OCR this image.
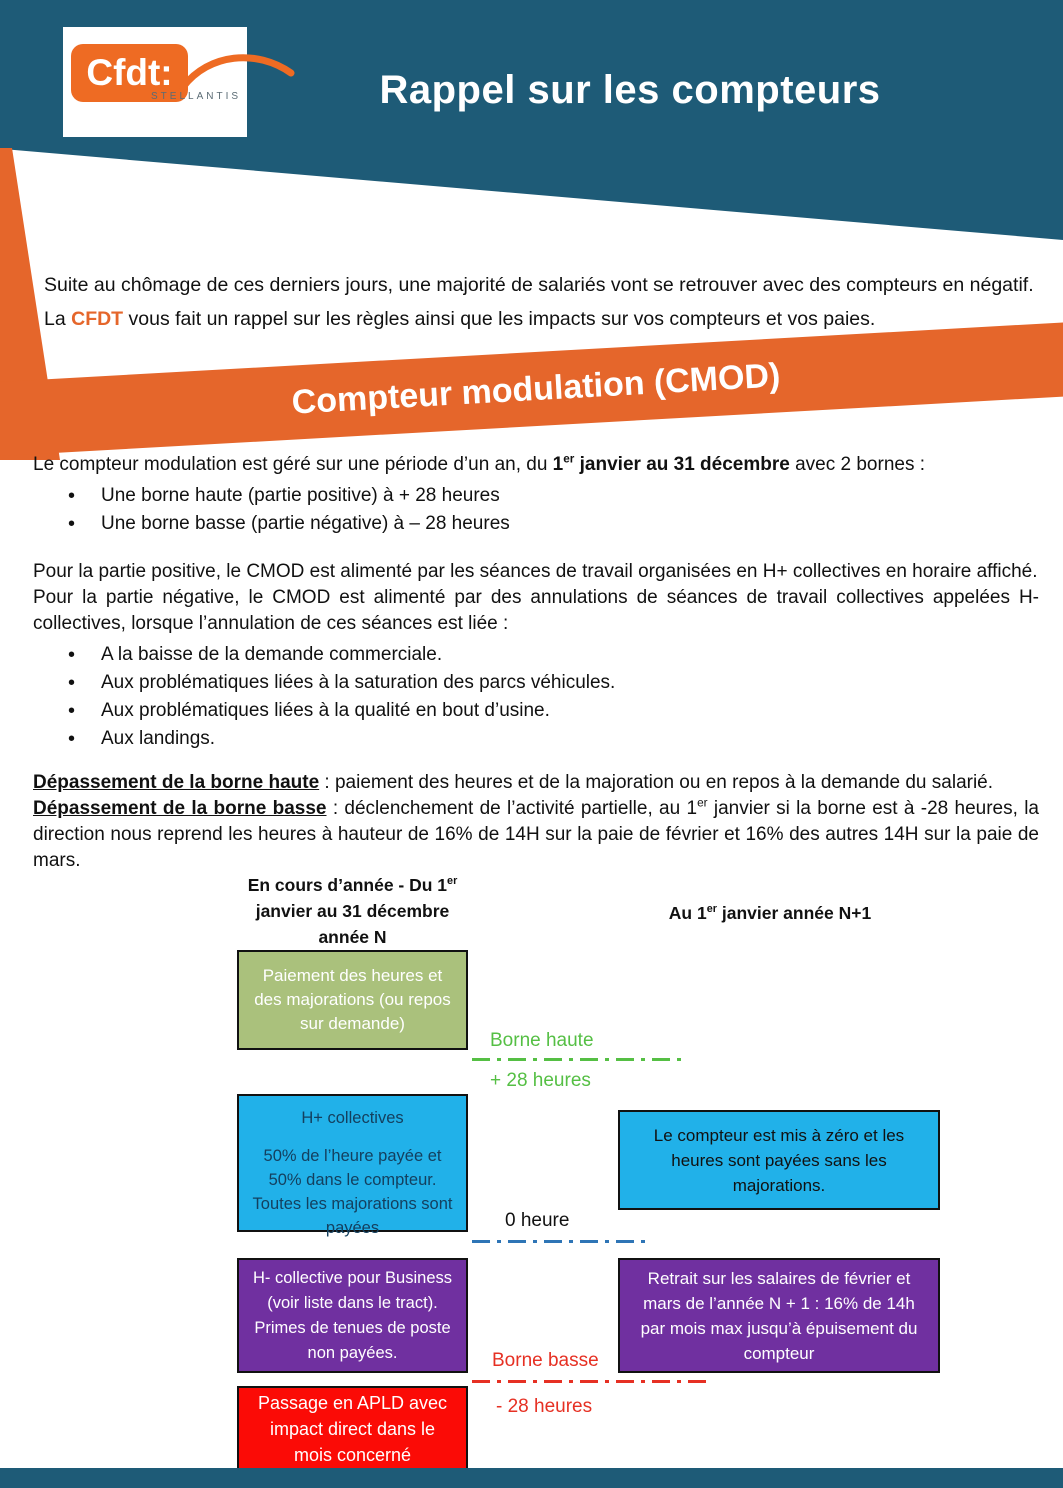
Rappel sur les compteurs
Cfdt:
STELLANTIS
Suite au chômage de ces derniers jours, une majorité de salariés vont se retrouver avec des compteurs en négatif.
La CFDT vous fait un rappel sur les règles ainsi que les impacts sur vos compteurs et vos paies.
Compteur modulation (CMOD)

Le compteur modulation est géré sur une période d’un an, du 1er janvier au 31 décembre avec 2 bornes :

• Une borne haute (partie positive) à + 28 heures
• Une borne basse (partie négative) à – 28 heures

Pour la partie positive, le CMOD est alimenté par les séances de travail organisées en H+ collectives en horaire affiché.

Pour la partie négative, le CMOD est alimenté par des annulations de séances de travail collectives appelées H-collectives, lorsque l’annulation de ces séances est liée :

• A la baisse de la demande commerciale.
• Aux problématiques liées à la saturation des parcs véhicules.
• Aux problématiques liées à la qualité en bout d’usine.
• Aux landings.

Dépassement de la borne haute : paiement des heures et de la majoration ou en repos à la demande du salarié.

Dépassement de la borne basse : déclenchement de l’activité partielle, au 1er janvier si la borne est à -28 heures, la direction nous reprend les heures à hauteur de 16% de 14H sur la paie de février et 16% des autres 14H sur la paie de mars.

En cours d’année - Du 1er
janvier au 31 décembre
année N
Au 1er janvier année N+1
Paiement des heures et des majorations (ou repos sur demande)
Borne haute
+ 28 heures
H+ collectives
50% de l’heure payée et 50% dans le compteur. Toutes les majorations sont payées
Le compteur est mis à zéro et les heures sont payées sans les majorations.
0 heure
H- collective pour Business (voir liste dans le tract). Primes de tenues de poste non payées.
Retrait sur les salaires de février et mars de l’année N + 1 : 16% de 14h par mois max jusqu’à épuisement du compteur
Borne basse
- 28 heures
Passage en APLD avec impact direct dans le mois concerné
